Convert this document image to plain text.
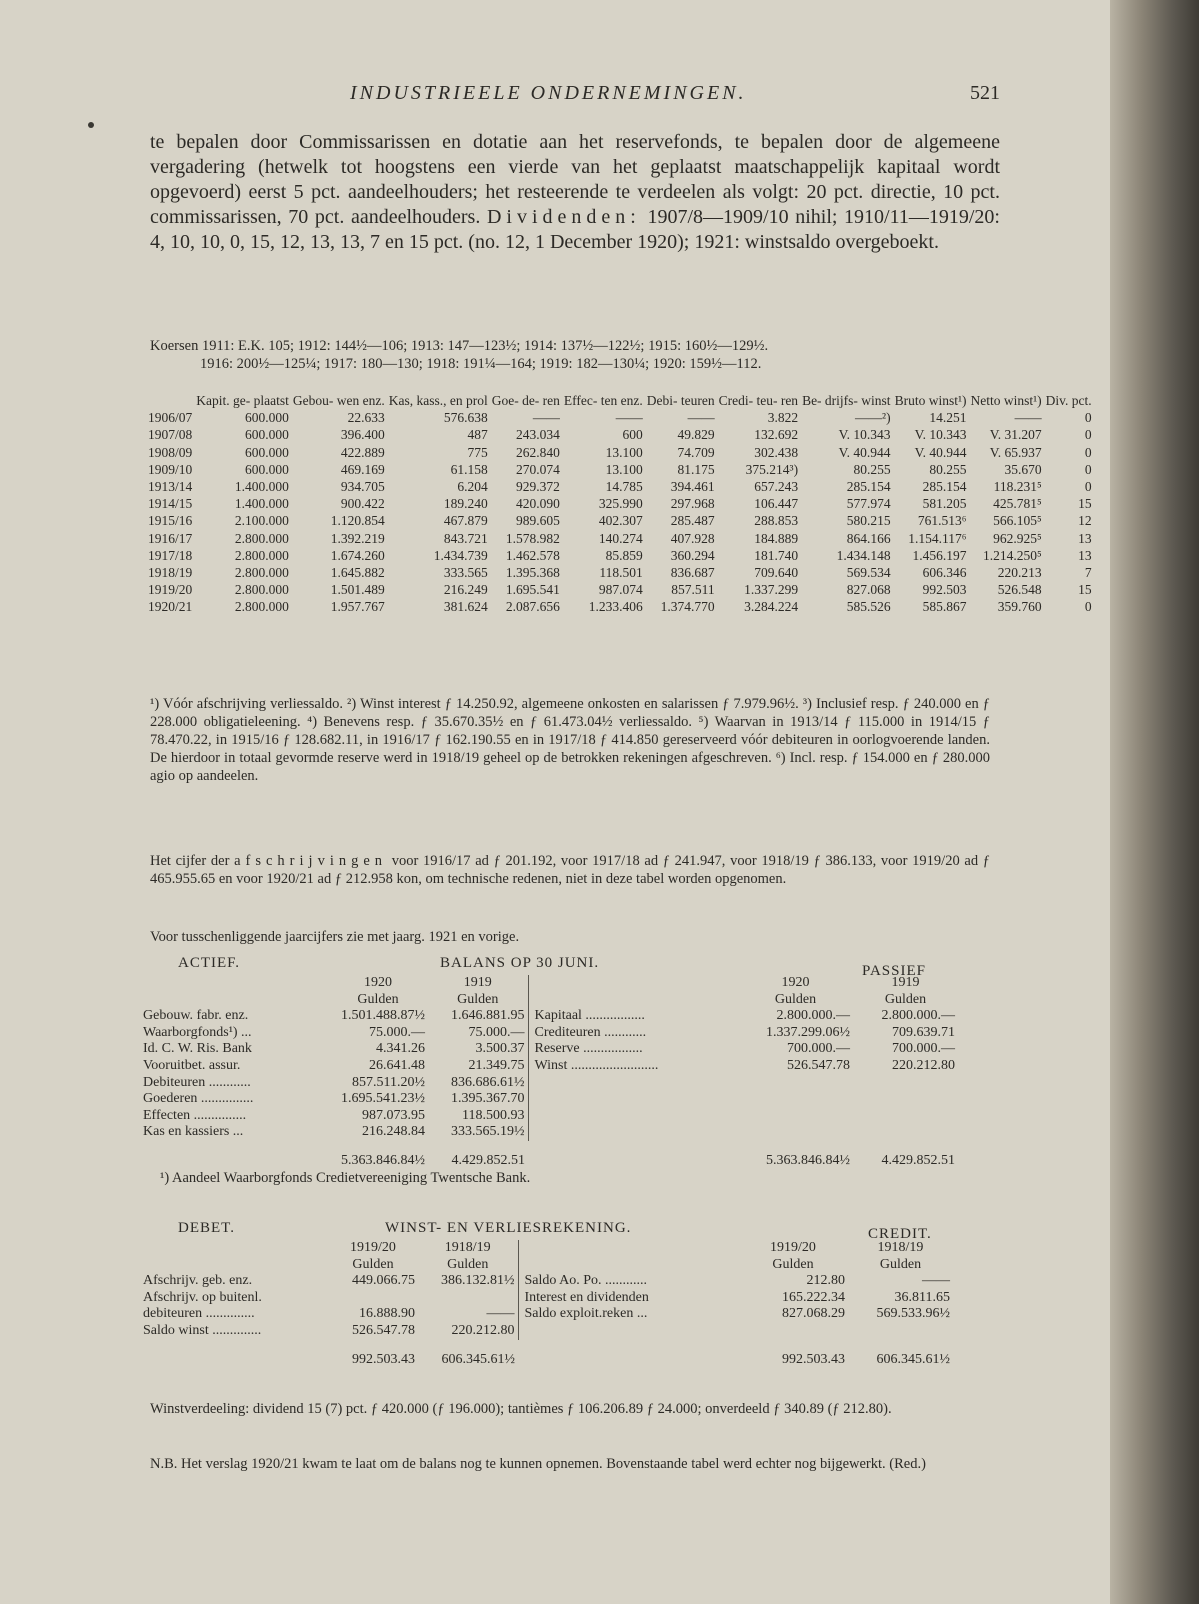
INDUSTRIEELE ONDERNEMINGEN.	521

te bepalen door Commissarissen en dotatie aan het reservefonds, te bepalen door de algemeene vergadering (hetwelk tot hoogstens een vierde van het geplaatst maatschappelijk kapitaal wordt opgevoerd) eerst 5 pct. aandeelhouders; het resteerende te verdeelen als volgt: 20 pct. directie, 10 pct. commissarissen, 70 pct. aandeelhouders. Dividenden: 1907/8—1909/10 nihil; 1910/11—1919/20: 4, 10, 10, 0, 15, 12, 13, 13, 7 en 15 pct. (no. 12, 1 December 1920); 1921: winstsaldo overgeboekt.

Koersen 1911: E.K. 105; 1912: 144½—106; 1913: 147—123½; 1914: 137½—122½; 1915: 160½—129½.

1916: 200½—125¼; 1917: 180—130; 1918: 191¼—164; 1919: 182—130¼; 1920: 159½—112.

	Kapit. ge- plaatst	Gebou- wen enz.	Kas, kass., en prol	Goe- de- ren	Effec- ten enz.	Debi- teuren	Credi- teu- ren	Be- drijfs- winst	Bruto winst¹)	Netto winst¹)	Div. pct.
1906/07	600.000	22.633	576.638	——	——	——	3.822	——²)	14.251	——	0
1907/08	600.000	396.400	487	243.034	600	49.829	132.692	V. 10.343	V. 10.343	V. 31.207	0
1908/09	600.000	422.889	775	262.840	13.100	74.709	302.438	V. 40.944	V. 40.944	V. 65.937	0
1909/10	600.000	469.169	61.158	270.074	13.100	81.175	375.214³)	80.255	80.255	35.670	0
1913/14	1.400.000	934.705	6.204	929.372	14.785	394.461	657.243	285.154	285.154	118.231⁵	0
1914/15	1.400.000	900.422	189.240	420.090	325.990	297.968	106.447	577.974	581.205	425.781⁵	15
1915/16	2.100.000	1.120.854	467.879	989.605	402.307	285.487	288.853	580.215	761.513⁶	566.105⁵	12
1916/17	2.800.000	1.392.219	843.721	1.578.982	140.274	407.928	184.889	864.166	1.154.117⁶	962.925⁵	13
1917/18	2.800.000	1.674.260	1.434.739	1.462.578	85.859	360.294	181.740	1.434.148	1.456.197	1.214.250⁵	13
1918/19	2.800.000	1.645.882	333.565	1.395.368	118.501	836.687	709.640	569.534	606.346	220.213	7
1919/20	2.800.000	1.501.489	216.249	1.695.541	987.074	857.511	1.337.299	827.068	992.503	526.548	15
1920/21	2.800.000	1.957.767	381.624	2.087.656	1.233.406	1.374.770	3.284.224	585.526	585.867	359.760	0

¹) Vóór afschrijving verliessaldo. ²) Winst interest ƒ 14.250.92, algemeene onkosten en salarissen ƒ 7.979.96½. ³) Inclusief resp. ƒ 240.000 en ƒ 228.000 obligatieleening. ⁴) Benevens resp. ƒ 35.670.35½ en ƒ 61.473.04½ verliessaldo. ⁵) Waarvan in 1913/14 ƒ 115.000 in 1914/15 ƒ 78.470.22, in 1915/16 ƒ 128.682.11, in 1916/17 ƒ 162.190.55 en in 1917/18 ƒ 414.850 gereserveerd vóór debiteuren in oorlogvoerende landen. De hierdoor in totaal gevormde reserve werd in 1918/19 geheel op de betrokken rekeningen afgeschreven. ⁶) Incl. resp. ƒ 154.000 en ƒ 280.000 agio op aandeelen.

Het cijfer der afschrijvingen voor 1916/17 ad ƒ 201.192, voor 1917/18 ad ƒ 241.947, voor 1918/19 ƒ 386.133, voor 1919/20 ad ƒ 465.955.65 en voor 1920/21 ad ƒ 212.958 kon, om technische redenen, niet in deze tabel worden opgenomen.

Voor tusschenliggende jaarcijfers zie met jaarg. 1921 en vorige.

ACTIEF.	BALANS OP 30 JUNI.	PASSIEF
	1920	1919		1920	1919
	Gulden	Gulden		Gulden	Gulden
Gebouw. fabr. enz.	1.501.488.87½	1.646.881.95	Kapitaal .................	2.800.000.—	2.800.000.—
Waarborgfonds¹) ...	75.000.—	75.000.—	Crediteuren ............	1.337.299.06½	709.639.71
Id. C. W. Ris. Bank	4.341.26	3.500.37	Reserve .................	700.000.—	700.000.—
Vooruitbet. assur.	26.641.48	21.349.75	Winst .........................	526.547.78	220.212.80
Debiteuren ............	857.511.20½	836.686.61½			
Goederen ...............	1.695.541.23½	1.395.367.70			
Effecten ...............	987.073.95	118.500.93			
Kas en kassiers ...	216.248.84	333.565.19½			
	5.363.846.84½	4.429.852.51		5.363.846.84½	4.429.852.51

¹) Aandeel Waarborgfonds Credietvereeniging Twentsche Bank.

DEBET.	WINST- EN VERLIESREKENING.	CREDIT.
	1919/20	1918/19		1919/20	1918/19
	Gulden	Gulden		Gulden	Gulden
Afschrijv. geb. enz.	449.066.75	386.132.81½	Saldo Ao. Po. ............	212.80	——
Afschrijv. op buitenl.			Interest en dividenden	165.222.34	36.811.65
debiteuren ..............	16.888.90	——	Saldo exploit.reken ...	827.068.29	569.533.96½
Saldo winst ..............	526.547.78	220.212.80			
	992.503.43	606.345.61½		992.503.43	606.345.61½

Winstverdeeling: dividend 15 (7) pct. ƒ 420.000 (ƒ 196.000); tantièmes ƒ 106.206.89 ƒ 24.000; onverdeeld ƒ 340.89 (ƒ 212.80).

N.B. Het verslag 1920/21 kwam te laat om de balans nog te kunnen opnemen. Bovenstaande tabel werd echter nog bijgewerkt. (Red.)
